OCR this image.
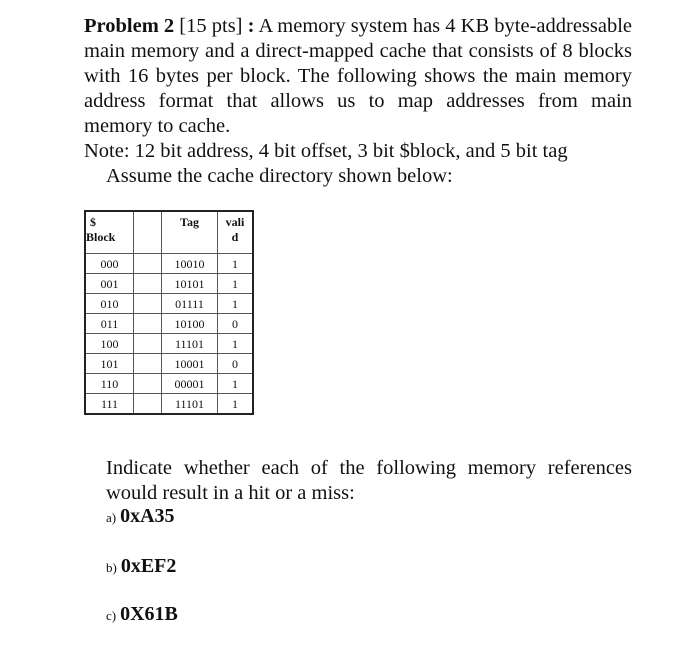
Problem 2 [15 pts] : A memory system has 4 KB byte-addressable main memory and a direct-mapped cache that consists of 8 blocks with 16 bytes per block. The following shows the main memory address format that allows us to map addresses from main memory to cache.

Note: 12 bit address, 4 bit offset, 3 bit $block, and 5 bit tag
Assume the cache directory shown below:
$
Block		Tag	vali
d

000		10010	1
001		10101	1
010		01111	1
011		10100	0
100		11101	1
101		10001	0
110		00001	1
111		11101	1

Indicate whether each of the following memory references would result in a hit or a miss:

a) 0xA35
b) 0xEF2
c) 0X61B
